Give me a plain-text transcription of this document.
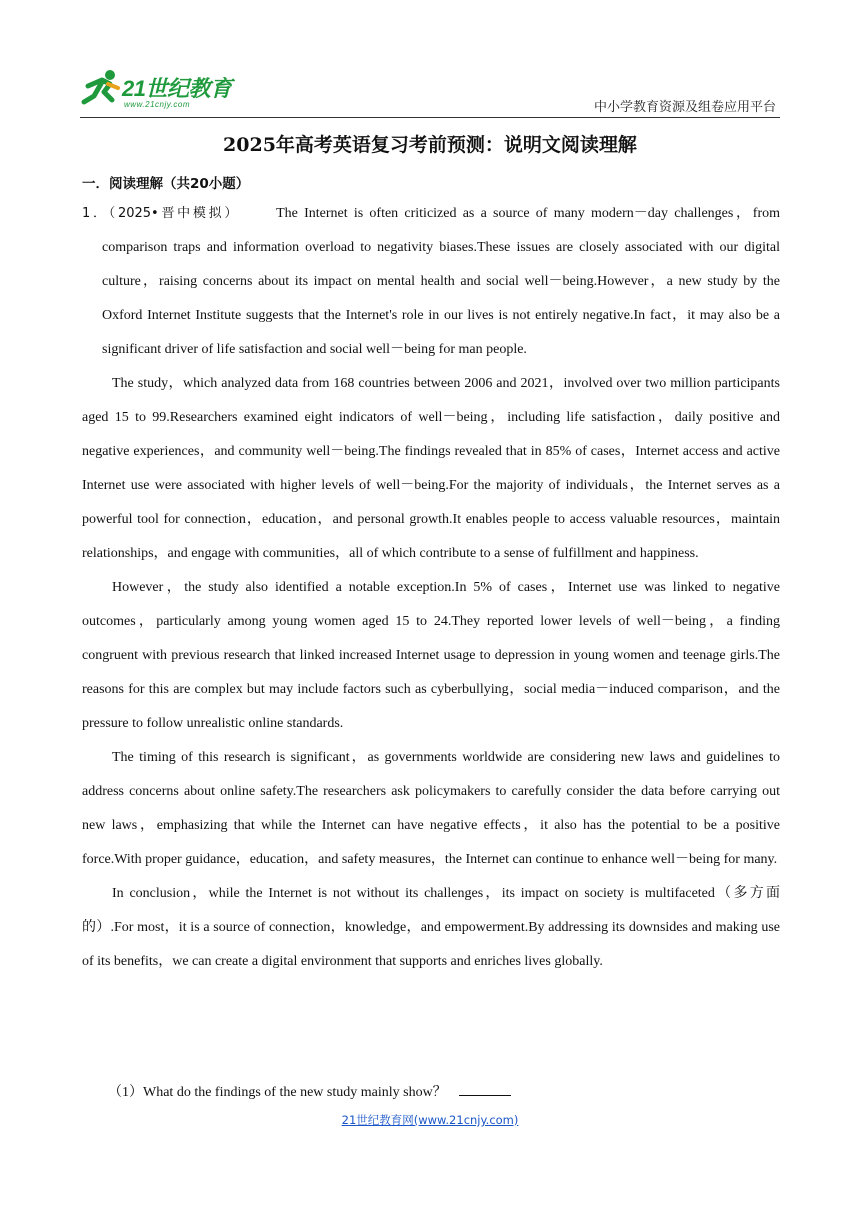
21世纪教育
www.21cnjy.com	中小学教育资源及组卷应用平台
2025年高考英语复习考前预测：说明文阅读理解
一．阅读理解（共20小题）

1．（2025•晋中模拟）	The Internet is often criticized as a source of many modern－day challenges，from comparison traps and information overload to negativity biases.These issues are closely associated with our digital culture，raising concerns about its impact on mental health and social well－being.However，a new study by the Oxford Internet Institute suggests that the Internet's role in our lives is not entirely negative.In fact，it may also be a significant driver of life satisfaction and social well－being for man people.

The study，which analyzed data from 168 countries between 2006 and 2021，involved over two million participants aged 15 to 99.Researchers examined eight indicators of well－being，including life satisfaction，daily positive and negative experiences，and community well－being.The findings revealed that in 85% of cases，Internet access and active Internet use were associated with higher levels of well－being.For the majority of individuals，the Internet serves as a powerful tool for connection，education，and personal growth.It enables people to access valuable resources，maintain relationships，and engage with communities，all of which contribute to a sense of fulfillment and happiness.

However，the study also identified a notable exception.In 5% of cases，Internet use was linked to negative outcomes，particularly among young women aged 15 to 24.They reported lower levels of well－being，a finding congruent with previous research that linked increased Internet usage to depression in young women and teenage girls.The reasons for this are complex but may include factors such as cyberbullying，social media－induced comparison，and the pressure to follow unrealistic online standards.

The timing of this research is significant，as governments worldwide are considering new laws and guidelines to address concerns about online safety.The researchers ask policymakers to carefully consider the data before carrying out new laws，emphasizing that while the Internet can have negative effects，it also has the potential to be a positive force.With proper guidance，education，and safety measures，the Internet can continue to enhance well－being for many.

In conclusion，while the Internet is not without its challenges，its impact on society is multifaceted（多方面的）.For most，it is a source of connection，knowledge，and empowerment.By addressing its downsides and making use of its benefits，we can create a digital environment that supports and enriches lives globally.

（1）What do the findings of the new study mainly show？
21世纪教育网(www.21cnjy.com)
